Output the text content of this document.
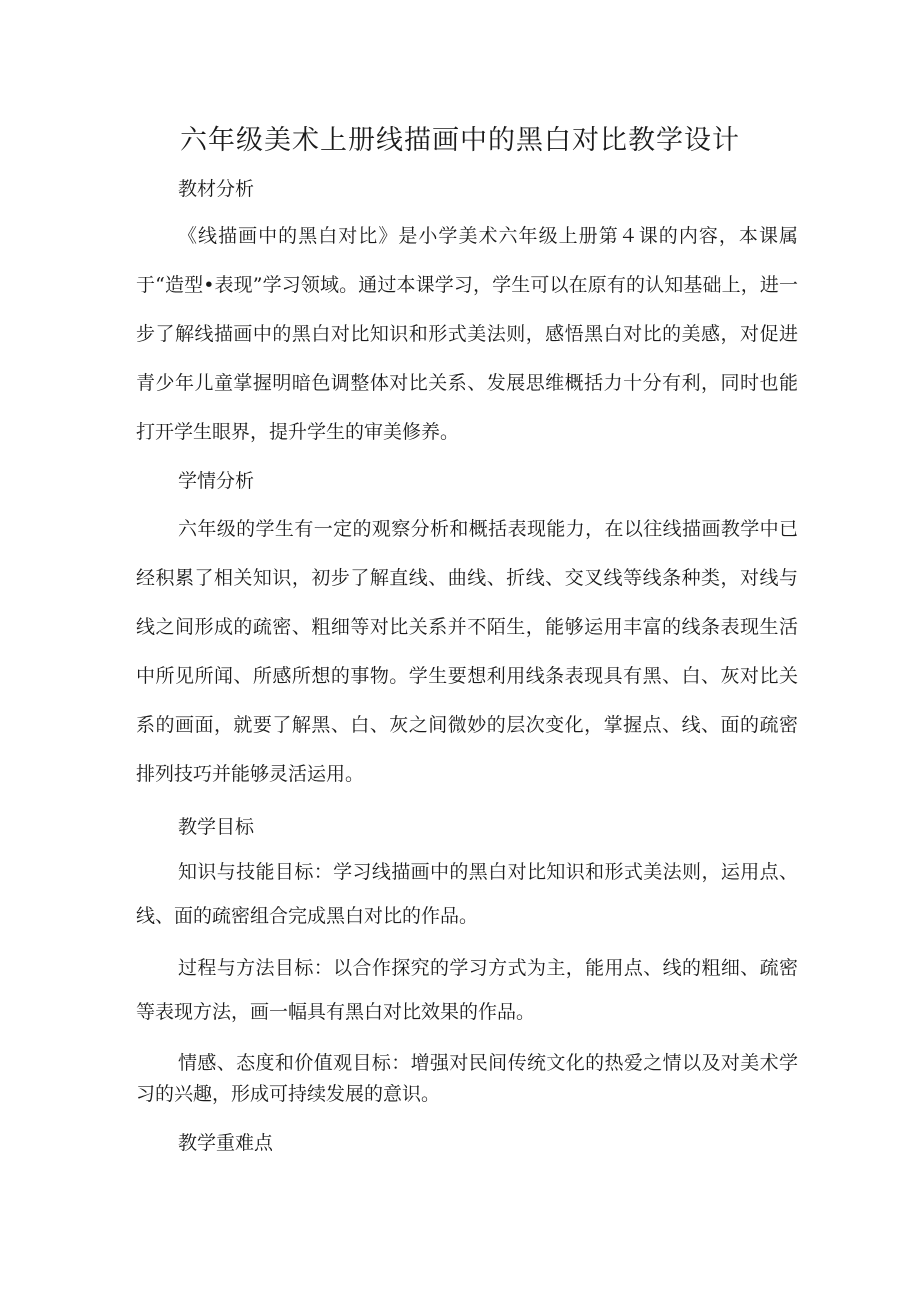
六年级美术上册线描画中的黑白对比教学设计
教材分析

《线描画中的黑白对比》是小学美术六年级上册第４课的内容，本课属于“造型•表现”学习领域。通过本课学习，学生可以在原有的认知基础上，进一步了解线描画中的黑白对比知识和形式美法则，感悟黑白对比的美感，对促进青少年儿童掌握明暗色调整体对比关系、发展思维概括力十分有利，同时也能打开学生眼界，提升学生的审美修养。

学情分析

六年级的学生有一定的观察分析和概括表现能力，在以往线描画教学中已经积累了相关知识，初步了解直线、曲线、折线、交叉线等线条种类，对线与线之间形成的疏密、粗细等对比关系并不陌生，能够运用丰富的线条表现生活中所见所闻、所感所想的事物。学生要想利用线条表现具有黑、白、灰对比关系的画面，就要了解黑、白、灰之间微妙的层次变化，掌握点、线、面的疏密排列技巧并能够灵活运用。

教学目标

知识与技能目标：学习线描画中的黑白对比知识和形式美法则，运用点、线、面的疏密组合完成黑白对比的作品。

过程与方法目标：以合作探究的学习方式为主，能用点、线的粗细、疏密等表现方法，画一幅具有黑白对比效果的作品。

情感、态度和价值观目标：增强对民间传统文化的热爱之情以及对美术学习的兴趣，形成可持续发展的意识。

教学重难点
